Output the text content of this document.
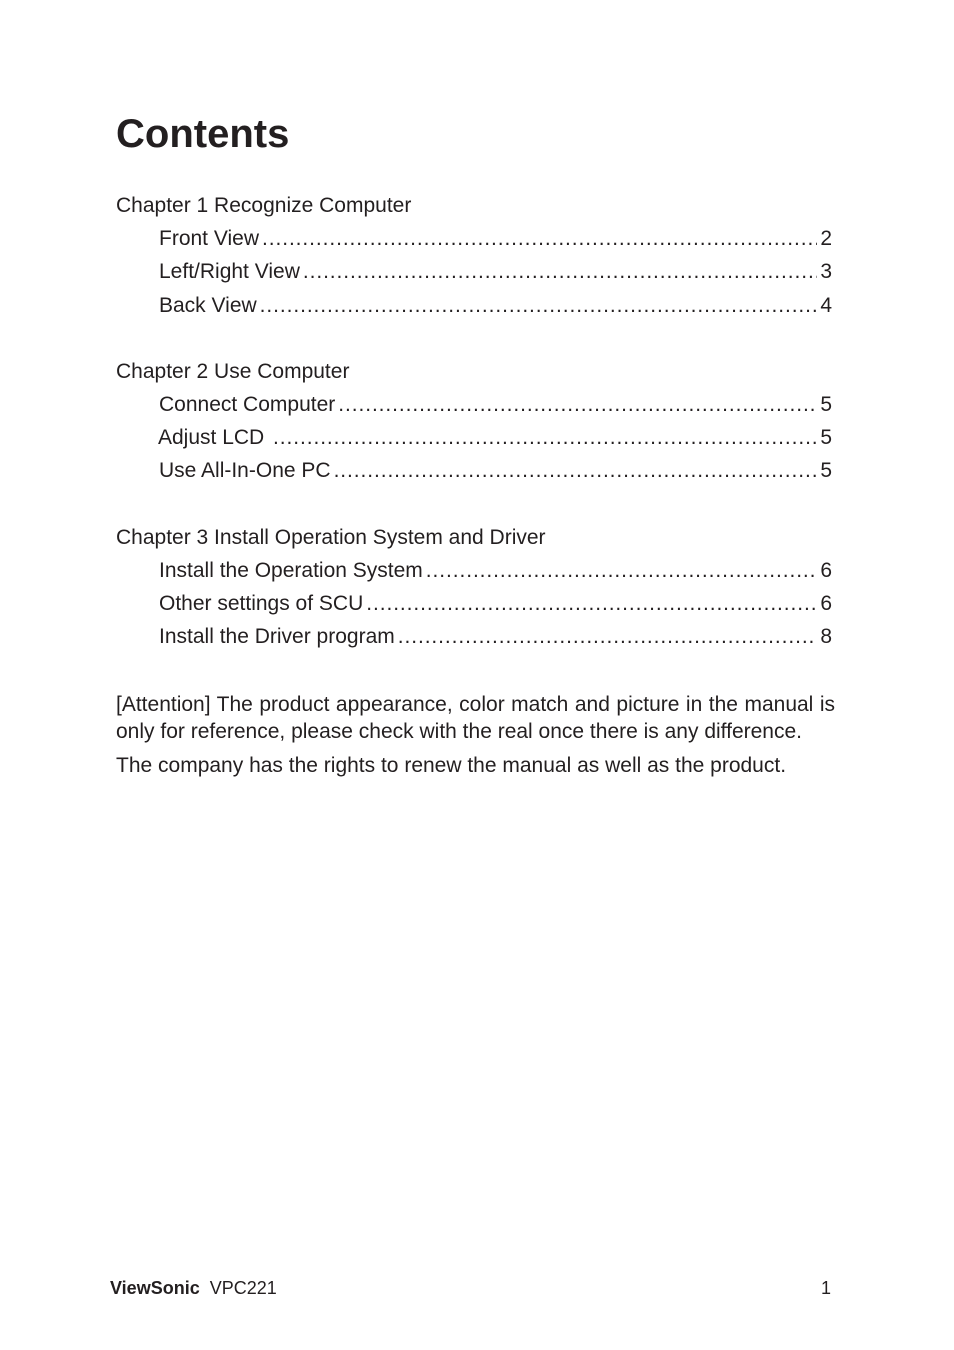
Contents
Chapter 1 Recognize Computer
Front View .....	2
Left/Right View .....	3
Back View .....	4
Chapter 2 Use Computer
Connect Computer .....	5
Adjust LCD .....	5
Use All-In-One PC .....	5
Chapter 3 Install Operation System and Driver
Install the Operation System .....	6
Other settings of SCU .....	6
Install the Driver program .....	8

[Attention] The product appearance, color match and picture in the manual is only for reference, please check with the real once there is any difference.

The company has the rights to renew the manual as well as the product.

ViewSonic VPC221	1
